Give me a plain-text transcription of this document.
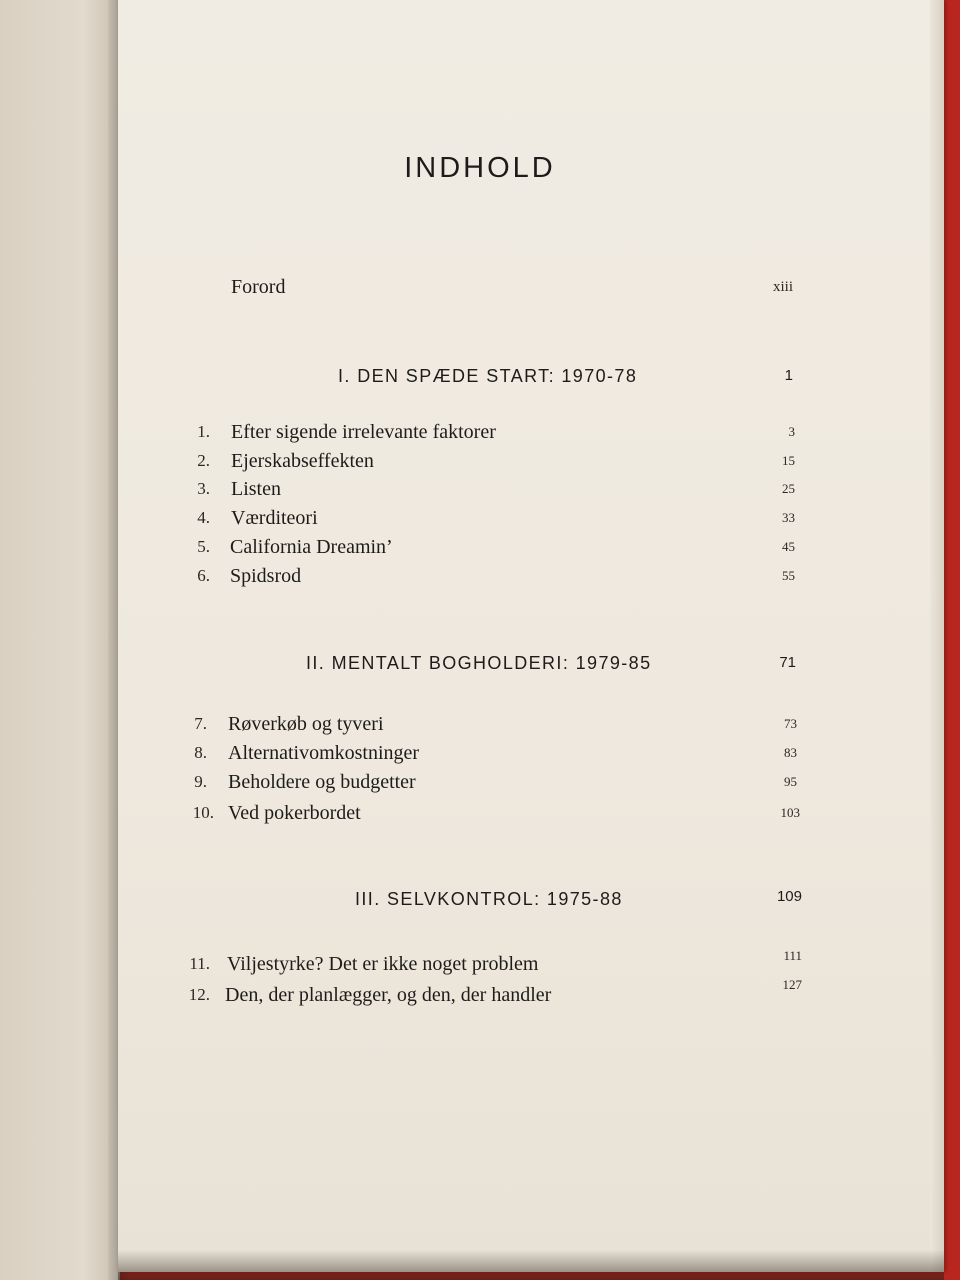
INDHOLD
Forord	xiii
I. DEN SPÆDE START: 1970-78	1
1. Efter sigende irrelevante faktorer	3
2. Ejerskabseffekten	15
3. Listen	25
4. Værditeori	33
5. California Dreamin’	45
6. Spidsrod	55
II. MENTALT BOGHOLDERI: 1979-85	71
7. Røverkøb og tyveri	73
8. Alternativomkostninger	83
9. Beholdere og budgetter	95
10. Ved pokerbordet	103
III. SELVKONTROL: 1975-88	109
11. Viljestyrke? Det er ikke noget problem	111
12. Den, der planlægger, og den, der handler	127
